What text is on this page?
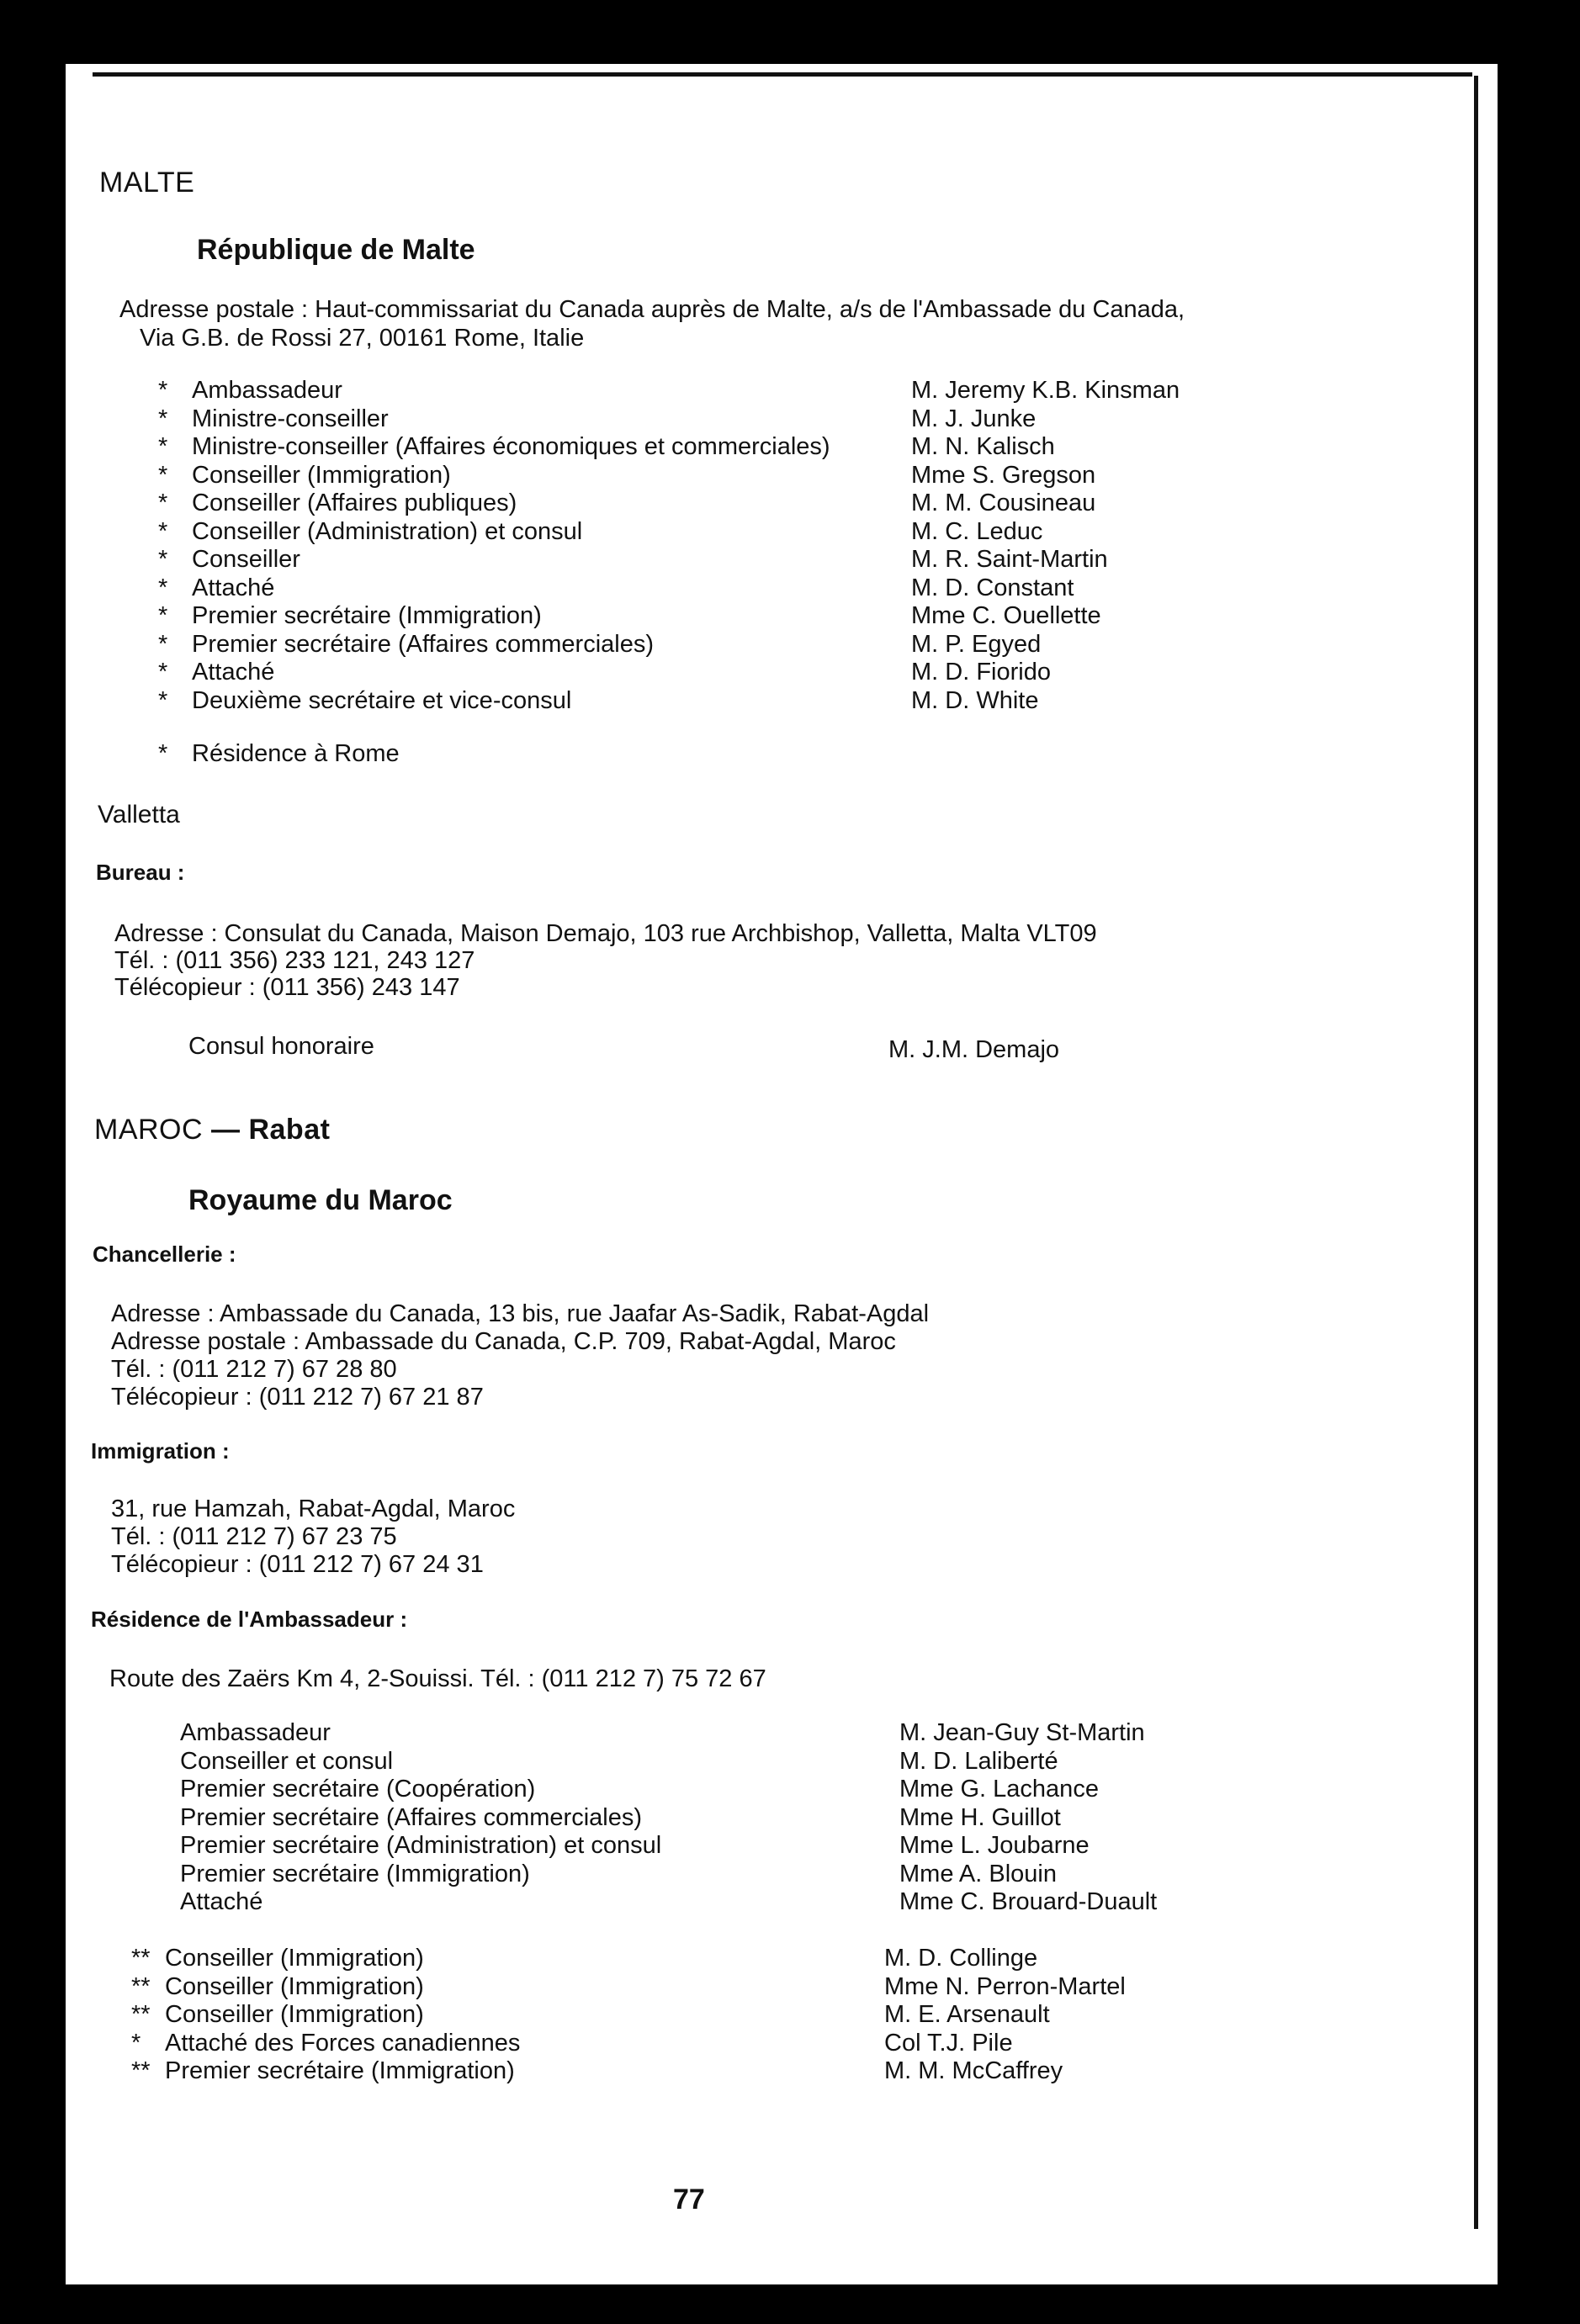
MALTE
République de Malte
Adresse postale : Haut-commissariat du Canada auprès de Malte, a/s de l'Ambassade du Canada,
Via G.B. de Rossi 27, 00161 Rome, Italie
* Ambassadeur	M. Jeremy K.B. Kinsman
* Ministre-conseiller	M. J. Junke
* Ministre-conseiller (Affaires économiques et commerciales)	M. N. Kalisch
* Conseiller (Immigration)	Mme S. Gregson
* Conseiller (Affaires publiques)	M. M. Cousineau
* Conseiller (Administration) et consul	M. C. Leduc
* Conseiller	M. R. Saint-Martin
* Attaché	M. D. Constant
* Premier secrétaire (Immigration)	Mme C. Ouellette
* Premier secrétaire (Affaires commerciales)	M. P. Egyed
* Attaché	M. D. Fiorido
* Deuxième secrétaire et vice-consul	M. D. White
* Résidence à Rome
Valletta
Bureau :
Adresse : Consulat du Canada, Maison Demajo, 103 rue Archbishop, Valletta, Malta VLT09
Tél. : (011 356) 233 121, 243 127
Télécopieur : (011 356) 243 147
Consul honoraire	M. J.M. Demajo
MAROC — Rabat
Royaume du Maroc
Chancellerie :
Adresse : Ambassade du Canada, 13 bis, rue Jaafar As-Sadik, Rabat-Agdal
Adresse postale : Ambassade du Canada, C.P. 709, Rabat-Agdal, Maroc
Tél. : (011 212 7) 67 28 80
Télécopieur : (011 212 7) 67 21 87
Immigration :
31, rue Hamzah, Rabat-Agdal, Maroc
Tél. : (011 212 7) 67 23 75
Télécopieur : (011 212 7) 67 24 31
Résidence de l'Ambassadeur :
Route des Zaërs Km 4, 2-Souissi. Tél. : (011 212 7) 75 72 67
Ambassadeur	M. Jean-Guy St-Martin
Conseiller et consul	M. D. Laliberté
Premier secrétaire (Coopération)	Mme G. Lachance
Premier secrétaire (Affaires commerciales)	Mme H. Guillot
Premier secrétaire (Administration) et consul	Mme L. Joubarne
Premier secrétaire (Immigration)	Mme A. Blouin
Attaché	Mme C. Brouard-Duault
** Conseiller (Immigration)	M. D. Collinge
** Conseiller (Immigration)	Mme N. Perron-Martel
** Conseiller (Immigration)	M. E. Arsenault
* Attaché des Forces canadiennes	Col T.J. Pile
** Premier secrétaire (Immigration)	M. M. McCaffrey
77
